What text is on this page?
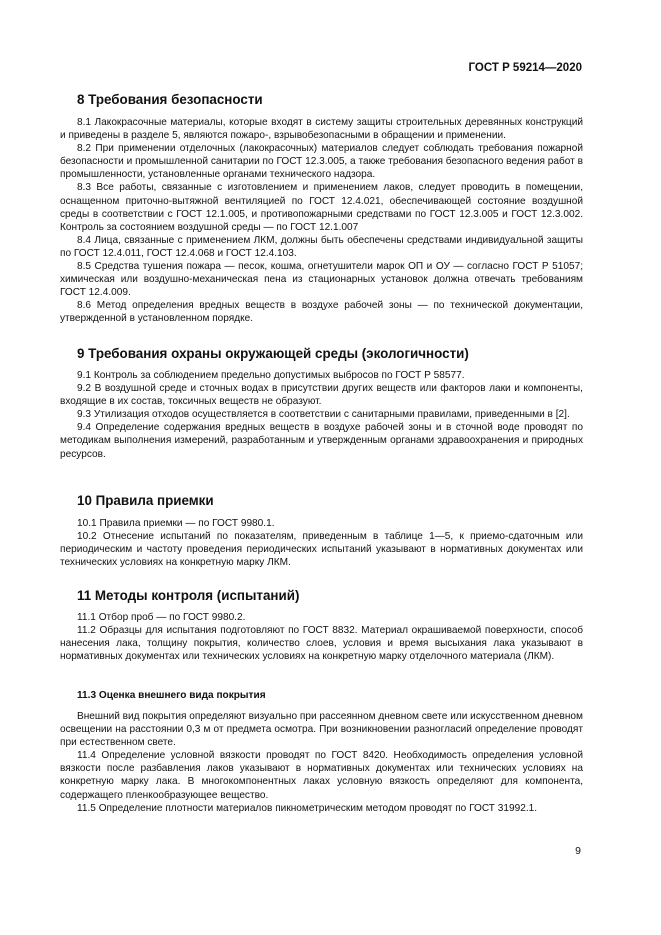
ГОСТ Р 59214—2020
8 Требования безопасности

8.1 Лакокрасочные материалы, которые входят в систему защиты строительных деревянных конструкций и приведены в разделе 5, являются пожаро-, взрывобезопасными в обращении и применении.

8.2 При применении отделочных (лакокрасочных) материалов следует соблюдать требования пожарной безопасности и промышленной санитарии по ГОСТ 12.3.005, а также требования безопасного ведения работ в промышленности, установленные органами технического надзора.

8.3 Все работы, связанные с изготовлением и применением лаков, следует проводить в помещении, оснащенном приточно-вытяжной вентиляцией по ГОСТ 12.4.021, обеспечивающей состояние воздушной среды в соответствии с ГОСТ 12.1.005, и противопожарными средствами по ГОСТ 12.3.005 и ГОСТ 12.3.002. Контроль за состоянием воздушной среды — по ГОСТ 12.1.007

8.4 Лица, связанные с применением ЛКМ, должны быть обеспечены средствами индивидуальной защиты по ГОСТ 12.4.011, ГОСТ 12.4.068 и ГОСТ 12.4.103.

8.5 Средства тушения пожара — песок, кошма, огнетушители марок ОП и ОУ — согласно ГОСТ Р 51057; химическая или воздушно-механическая пена из стационарных установок должна отвечать требованиям ГОСТ 12.4.009.

8.6 Метод определения вредных веществ в воздухе рабочей зоны — по технической документации, утвержденной в установленном порядке.

9 Требования охраны окружающей среды (экологичности)

9.1 Контроль за соблюдением предельно допустимых выбросов по ГОСТ Р 58577.

9.2 В воздушной среде и сточных водах в присутствии других веществ или факторов лаки и компоненты, входящие в их состав, токсичных веществ не образуют.

9.3 Утилизация отходов осуществляется в соответствии с санитарными правилами, приведенными в [2].

9.4 Определение содержания вредных веществ в воздухе рабочей зоны и в сточной воде проводят по методикам выполнения измерений, разработанным и утвержденным органами здравоохранения и природных ресурсов.

10 Правила приемки

10.1 Правила приемки — по ГОСТ 9980.1.

10.2 Отнесение испытаний по показателям, приведенным в таблице 1—5, к приемо-сдаточным или периодическим и частоту проведения периодических испытаний указывают в нормативных документах или технических условиях на конкретную марку ЛКМ.

11 Методы контроля (испытаний)

11.1 Отбор проб — по ГОСТ 9980.2.

11.2 Образцы для испытания подготовляют по ГОСТ 8832. Материал окрашиваемой поверхности, способ нанесения лака, толщину покрытия, количество слоев, условия и время высыхания лака указывают в нормативных документах или технических условиях на конкретную марку отделочного материала (ЛКМ).

11.3 Оценка внешнего вида покрытия

Внешний вид покрытия определяют визуально при рассеянном дневном свете или искусственном дневном освещении на расстоянии 0,3 м от предмета осмотра. При возникновении разногласий определение проводят при естественном свете.

11.4 Определение условной вязкости проводят по ГОСТ 8420. Необходимость определения условной вязкости после разбавления лаков указывают в нормативных документах или технических условиях на конкретную марку лака. В многокомпонентных лаках условную вязкость определяют для компонента, содержащего пленкообразующее вещество.

11.5 Определение плотности материалов пикнометрическим методом проводят по ГОСТ 31992.1.

9
